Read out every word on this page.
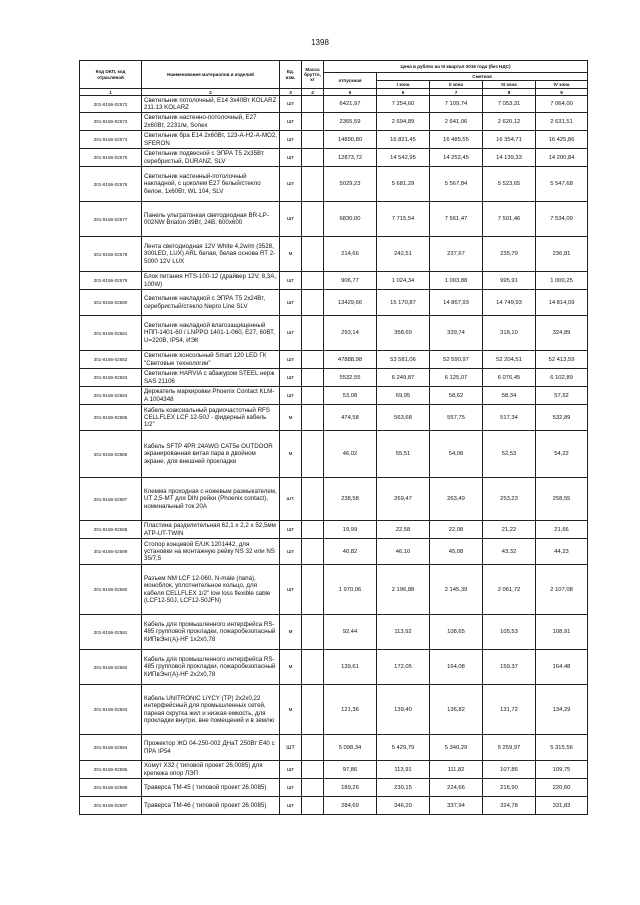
1398
Код ОКП, код отраслевой	Наименование материалов и изделий	Ед. изм.	Масса брутто, кг	Цена в рублях на III квартал 2016 года (без НДС)				
				отпускная	Сметная			
					I зона	II зона	III зона	IV зона
1	2	3	4	5	6	7	8	9
301-8156-02572	Светильник потолочный, Е14 3х40Вт KOLARZ 211.13 KOLARZ	шт		6421,97	7 254,60	7 109,74	7 053,31	7 064,00
301-8156-02573	Светильник настенно-потолочный, Е27 2х60Вт, 2231/м, Sonex	шт		2365,59	2 694,89	2 641,06	2 620,12	2 631,51
301-8156-02574	Светильник бра Е14 2х60Вт, 123-А-Н2-A-MO2, SFERON	шт		14890,80	16 821,45	16 485,55	16 354,71	16 425,86
301-8156-02575	Светильник подвесной с ЭПРА Т5 2х35Вт серебристый, DURANZ, SLV	шт		12873,72	14 542,95	14 252,45	14 139,33	14 200,84
301-8156-02576	Светильник настенный-потолочный накладной, с цоколем Е27 белый/стекло белое, 1х60Вт, WL 104, SLV	шт		5029,23	5 681,29	5 567,84	5 523,65	5 547,68
301-8156-02577	Панель ультратонкая светодиодная BR-LP-002NW Briaton 39Вт, 24В, 600х600	шт		6830,00	7 715,54	7 561,47	7 501,46	7 534,09
301-8156-02578	Лента светодиодная 12V White 4,2w/m (3528, 300LED, LUX) ARL белая, белая основа RT 2-5000 12V LUX	м		214,66	242,51	237,67	235,79	236,81
301-8156-02579	Блок питания HTS-100-12 (драйвер 12V, 8,3А, 100W)	шт		906,77	1 024,34	1 003,88	995,91	1 000,25
301-8156-02580	Светильник накладной с ЭПРА Т5 2х24Вт, серебристый/стекло Nepro Line SLV	шт		13429,66	15 170,87	14 867,93	14 749,93	14 814,09
301-8156-02581	Светильник накладной влагозащищенный НПП-1401-60 / LNPPO 1401-1-060, Е27, 60ВТ, U=220В, IP54, ИЭК	шт		293,14	358,69	339,74	318,10	324,89
301-8156-02582	Светильник консольный Smart 120 LED ГК "Световые технологии"	шт		47888,98	53 581,06	52 590,97	52 204,51	52 413,59
301-8156-02583	Светильник HARVIA с абажуром STEEL нерж SAS 21106	шт		5532,55	6 249,87	6 125,07	6 076,45	6 102,89
301-8156-02584	Держатель маркировки Phoenix Contact KLM-A 1004348	шт		53,08	69,95	58,62	58,34	57,52
301-8156-02585	Кабель коаксиальный радиочастотный RFS CELLFLEX LCF 12-50J - фидерный кабель 1/2"	м		474,58	563,68	557,75	517,34	532,89
301-8156-02586	Кабель SFTP 4PR 24AWG CAT5e OUTDOOR экранированная витая пара в двойном экране, для внешней прокладки	м		46,02	55,51	54,08	52,53	54,22
301-8156-02587	Клемма проходная с ножевым размыкателем, UT 2,5-МТ для DIN рейки (Phoenix contact), номинальный ток 20А	шт.		238,58	269,47	263,49	253,23	258,55
301-8156-02588	Пластина разделительная 62,1 х 2,2 х 52,5мм ATP-UT-TWIN	шт		19,99	22,58	22,08	21,22	21,66
301-8156-02589	Стопор концевой E/UK 1201442, для установки на монтажную рейку NS 32 или NS 35/7,5	шт		40,82	46,10	45,08	43,32	44,23
301-8156-02590	Разъем NM LCF 12-060, N-male (папа), моноблок, уплотнительное кольцо, для кабеля CELLFLEX 1/2" low loss flexible cable (LCF12-50J, LCF12-50JFN)	шт		1 970,06	2 196,88	2 145,39	2 061,72	2 107,08
301-8156-02591	Кабель для промышленного интерфейса RS-485 групповой прокладки, пожаробезопасный КИПвЭнг(А)-HF 1х2х0,78	м		92,44	113,92	108,65	105,53	108,91
301-8156-02592	Кабель для промышленного интерфейса RS-485 групповой прокладки, пожаробезопасный КИПвЭнг(А)-HF 2х2х0,78	м		139,61	172,05	164,08	159,37	164,48
301-8156-02593	Кабель UNITRONIC LiYCY (TP) 2х2х0,22 интерфейсный для промышленных сетей, парная скрутка жил и низкая емкость, для прокладки внутри, вне помещений и в землю	м		121,36	139,40	136,82	131,72	134,29
301-8156-02594	Прожектор ЖО 04-250-002 ДНаТ 250Вт Е40 с ПРА IP54	ШТ		5 098,34	5 429,79	5 340,29	5 259,97	5 315,56
301-8156-02595	Хомут Х32 ( типовой проект 26.0085) для крепежа опор ЛЭП	шт		97,86	113,91	111,82	107,86	109,75
301-8156-02596	Траверса ТМ-45 ( типовой проект 26.0085)	шт		189,26	230,15	224,66	216,90	220,60
301-8156-02597	Траверса ТМ-46 ( типовой проект 26.0085)	шт		284,69	346,20	337,94	324,78	331,83
